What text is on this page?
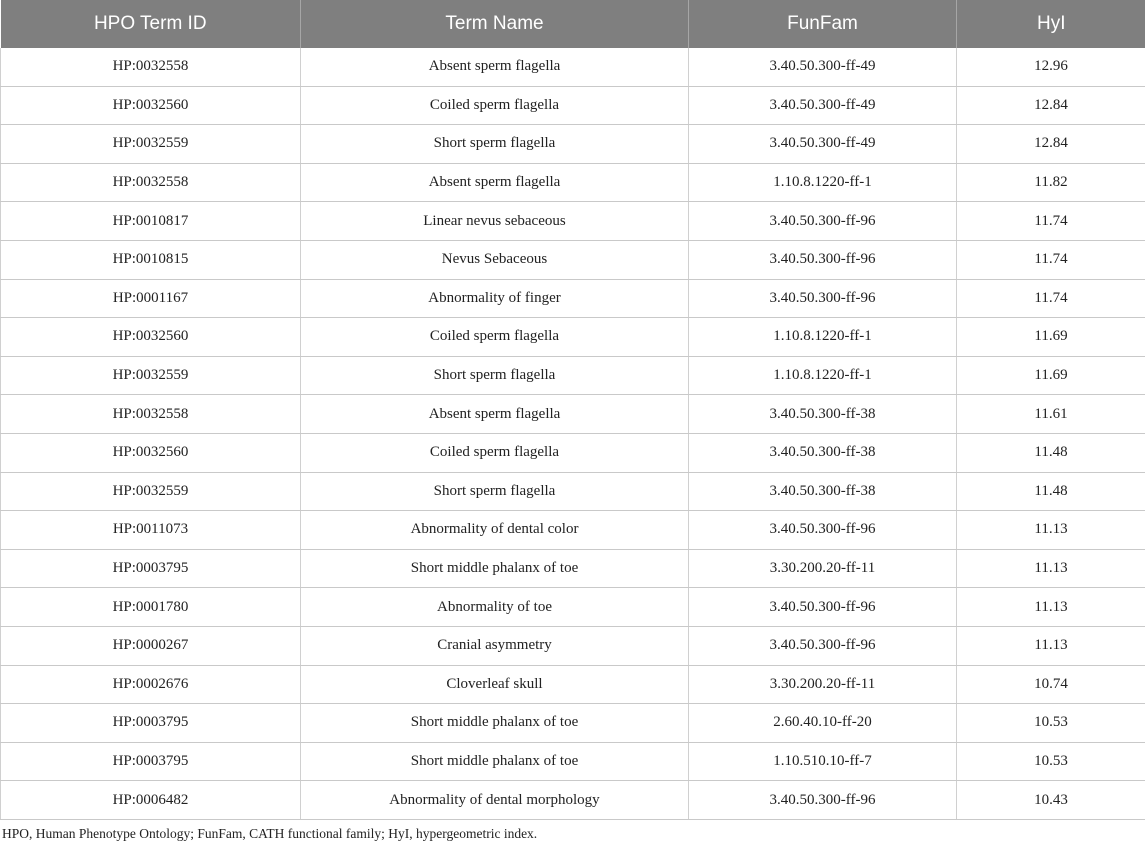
HPO Term ID	Term Name	FunFam	HyI
HP:0032558	Absent sperm flagella	3.40.50.300-ff-49	12.96
HP:0032560	Coiled sperm flagella	3.40.50.300-ff-49	12.84
HP:0032559	Short sperm flagella	3.40.50.300-ff-49	12.84
HP:0032558	Absent sperm flagella	1.10.8.1220-ff-1	11.82
HP:0010817	Linear nevus sebaceous	3.40.50.300-ff-96	11.74
HP:0010815	Nevus Sebaceous	3.40.50.300-ff-96	11.74
HP:0001167	Abnormality of finger	3.40.50.300-ff-96	11.74
HP:0032560	Coiled sperm flagella	1.10.8.1220-ff-1	11.69
HP:0032559	Short sperm flagella	1.10.8.1220-ff-1	11.69
HP:0032558	Absent sperm flagella	3.40.50.300-ff-38	11.61
HP:0032560	Coiled sperm flagella	3.40.50.300-ff-38	11.48
HP:0032559	Short sperm flagella	3.40.50.300-ff-38	11.48
HP:0011073	Abnormality of dental color	3.40.50.300-ff-96	11.13
HP:0003795	Short middle phalanx of toe	3.30.200.20-ff-11	11.13
HP:0001780	Abnormality of toe	3.40.50.300-ff-96	11.13
HP:0000267	Cranial asymmetry	3.40.50.300-ff-96	11.13
HP:0002676	Cloverleaf skull	3.30.200.20-ff-11	10.74
HP:0003795	Short middle phalanx of toe	2.60.40.10-ff-20	10.53
HP:0003795	Short middle phalanx of toe	1.10.510.10-ff-7	10.53
HP:0006482	Abnormality of dental morphology	3.40.50.300-ff-96	10.43
HPO, Human Phenotype Ontology; FunFam, CATH functional family; HyI, hypergeometric index.
